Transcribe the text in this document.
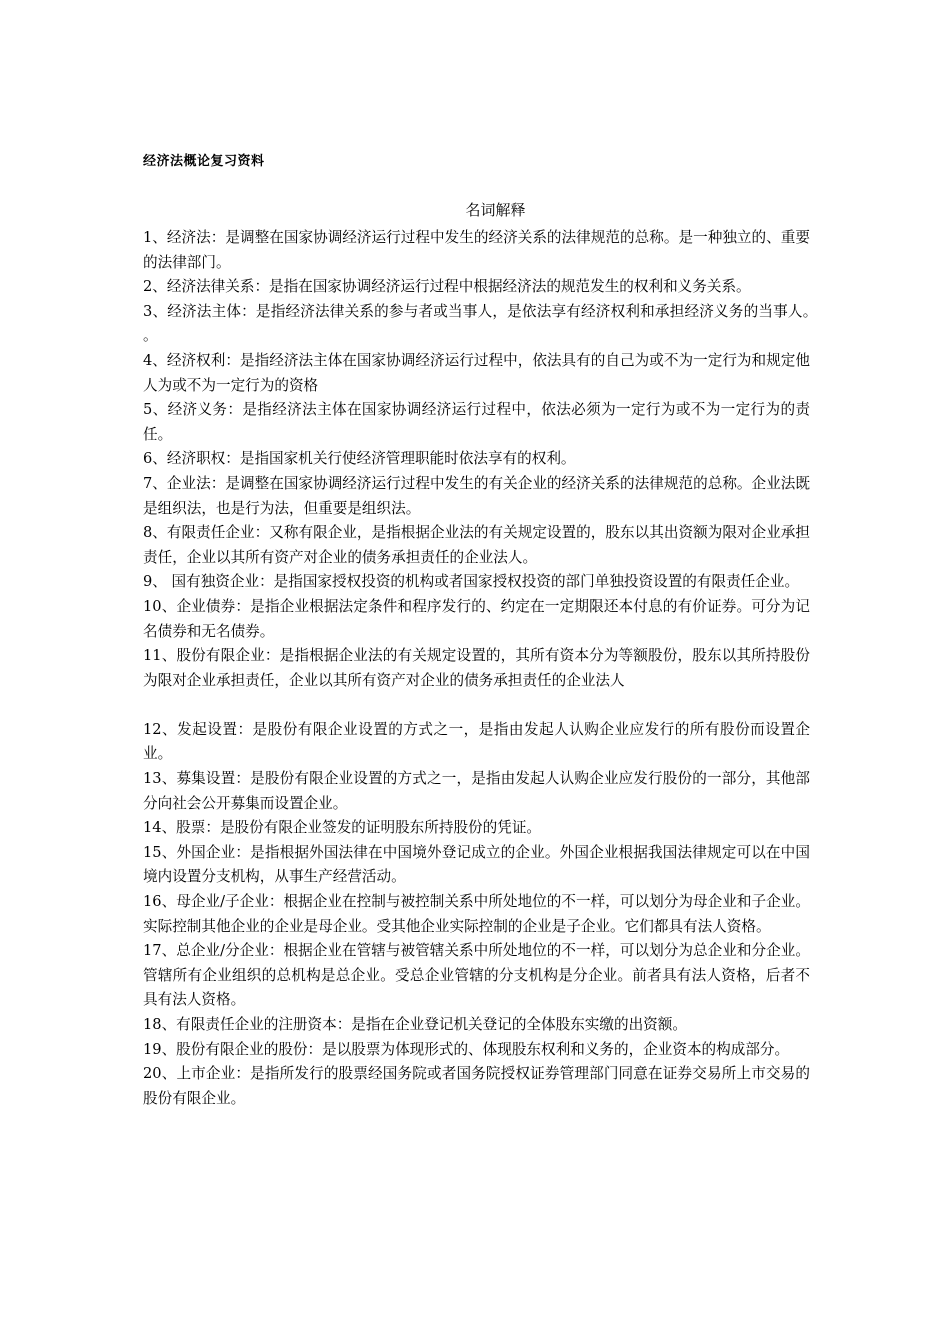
经济法概论复习资料
名词解释

1、经济法：是调整在国家协调经济运行过程中发生的经济关系的法律规范的总称。是一种独立的、重要的法律部门。

2、经济法律关系：是指在国家协调经济运行过程中根据经济法的规范发生的权利和义务关系。

3、经济法主体：是指经济法律关系的参与者或当事人，是依法享有经济权利和承担经济义务的当事人。　。

4、经济权利：是指经济法主体在国家协调经济运行过程中，依法具有的自己为或不为一定行为和规定他人为或不为一定行为的资格

5、经济义务：是指经济法主体在国家协调经济运行过程中，依法必须为一定行为或不为一定行为的责任。

6、经济职权：是指国家机关行使经济管理职能时依法享有的权利。

7、企业法：是调整在国家协调经济运行过程中发生的有关企业的经济关系的法律规范的总称。企业法既是组织法，也是行为法，但重要是组织法。

8、有限责任企业：又称有限企业，是指根据企业法的有关规定设置的，股东以其出资额为限对企业承担责任，企业以其所有资产对企业的债务承担责任的企业法人。

9、 国有独资企业：是指国家授权投资的机构或者国家授权投资的部门单独投资设置的有限责任企业。

10、企业债券：是指企业根据法定条件和程序发行的、约定在一定期限还本付息的有价证券。可分为记名债券和无名债券。

11、股份有限企业：是指根据企业法的有关规定设置的，其所有资本分为等额股份，股东以其所持股份为限对企业承担责任，企业以其所有资产对企业的债务承担责任的企业法人

12、发起设置：是股份有限企业设置的方式之一，是指由发起人认购企业应发行的所有股份而设置企业。

13、募集设置：是股份有限企业设置的方式之一，是指由发起人认购企业应发行股份的一部分，其他部分向社会公开募集而设置企业。

14、股票：是股份有限企业签发的证明股东所持股份的凭证。

15、外国企业：是指根据外国法律在中国境外登记成立的企业。外国企业根据我国法律规定可以在中国境内设置分支机构，从事生产经营活动。

16、母企业/子企业：根据企业在控制与被控制关系中所处地位的不一样，可以划分为母企业和子企业。实际控制其他企业的企业是母企业。受其他企业实际控制的企业是子企业。它们都具有法人资格。

17、总企业/分企业：根据企业在管辖与被管辖关系中所处地位的不一样，可以划分为总企业和分企业。管辖所有企业组织的总机构是总企业。受总企业管辖的分支机构是分企业。前者具有法人资格，后者不具有法人资格。

18、有限责任企业的注册资本：是指在企业登记机关登记的全体股东实缴的出资额。

19、股份有限企业的股份：是以股票为体现形式的、体现股东权利和义务的，企业资本的构成部分。

20、上市企业：是指所发行的股票经国务院或者国务院授权证券管理部门同意在证券交易所上市交易的股份有限企业。
